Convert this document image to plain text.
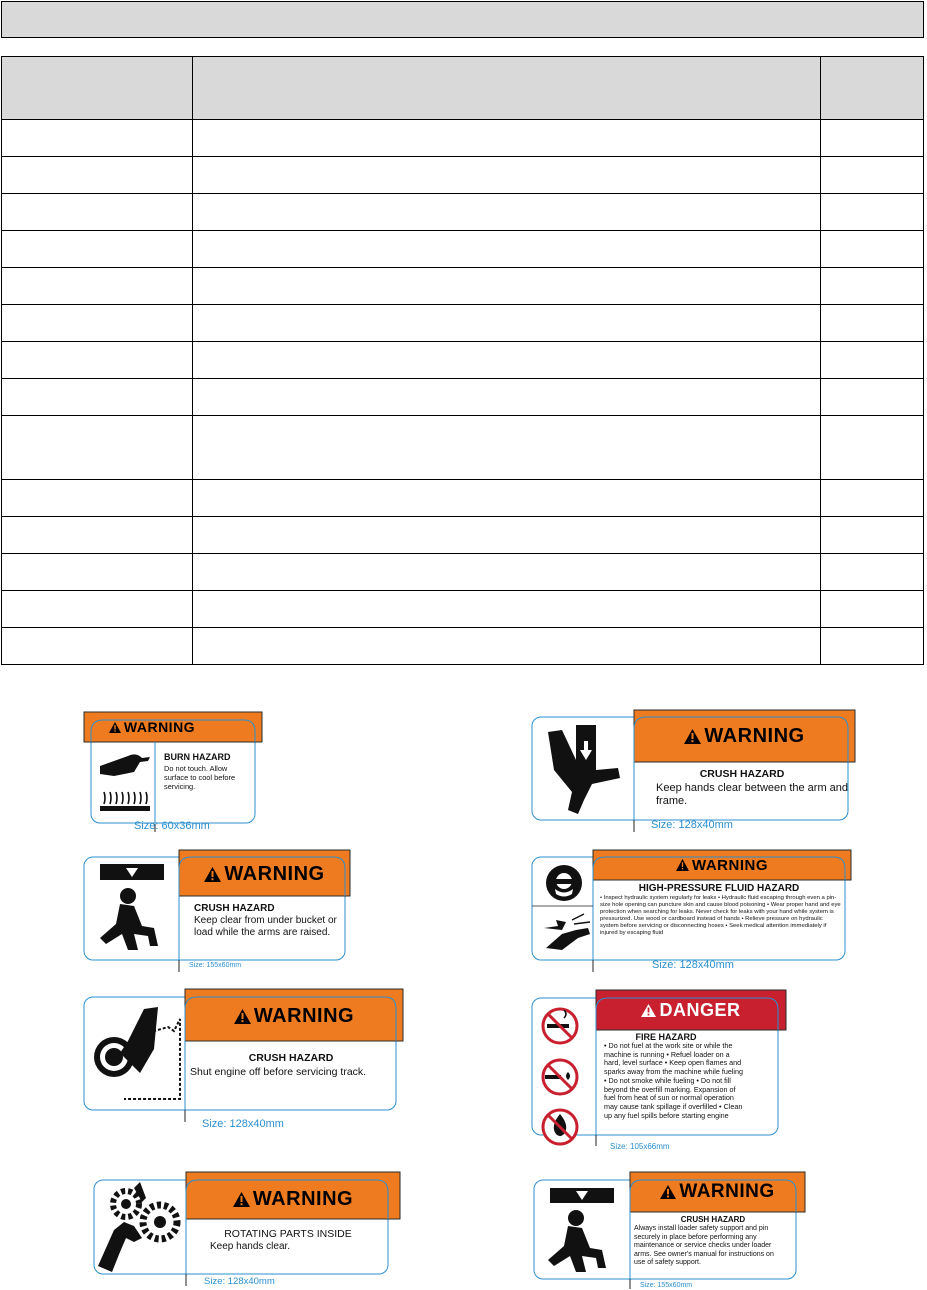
WARNING
BURN HAZARD
Do not touch. Allow surface to cool before servicing.
Size: 60x36mm
WARNING
CRUSH HAZARD
Keep hands clear between the arm and frame.
Size: 128x40mm
WARNING
CRUSH HAZARD
Keep clear from under bucket or load while the arms are raised.
Size: 155x60mm
WARNING
HIGH-PRESSURE FLUID HAZARD
• Inspect hydraulic system regularly for leaks • Hydraulic fluid escaping through even a pin-size hole opening can puncture skin and cause blood poisoning • Wear proper hand and eye protection when searching for leaks. Never check for leaks with your hand while system is pressurized. Use wood or cardboard instead of hands • Relieve pressure on hydraulic system before servicing or disconnecting hoses • Seek medical attention immediately if injured by escaping fluid
Size: 128x40mm
WARNING
CRUSH HAZARD
Shut engine off before servicing track.
Size: 128x40mm
DANGER
FIRE HAZARD
• Do not fuel at the work site or while the machine is running • Refuel loader on a hard, level surface • Keep open flames and sparks away from the machine while fueling • Do not smoke while fueling • Do not fill beyond the overfill marking. Expansion of fuel from heat of sun or normal operation may cause tank spillage if overfilled • Clean up any fuel spills before starting engine
Size: 105x66mm
WARNING
ROTATING PARTS INSIDE
Keep hands clear.
Size: 128x40mm
WARNING
CRUSH HAZARD
Always install loader safety support and pin securely in place before performing any maintenance or service checks under loader arms. See owner's manual for instructions on use of safety support.
Size: 155x60mm
